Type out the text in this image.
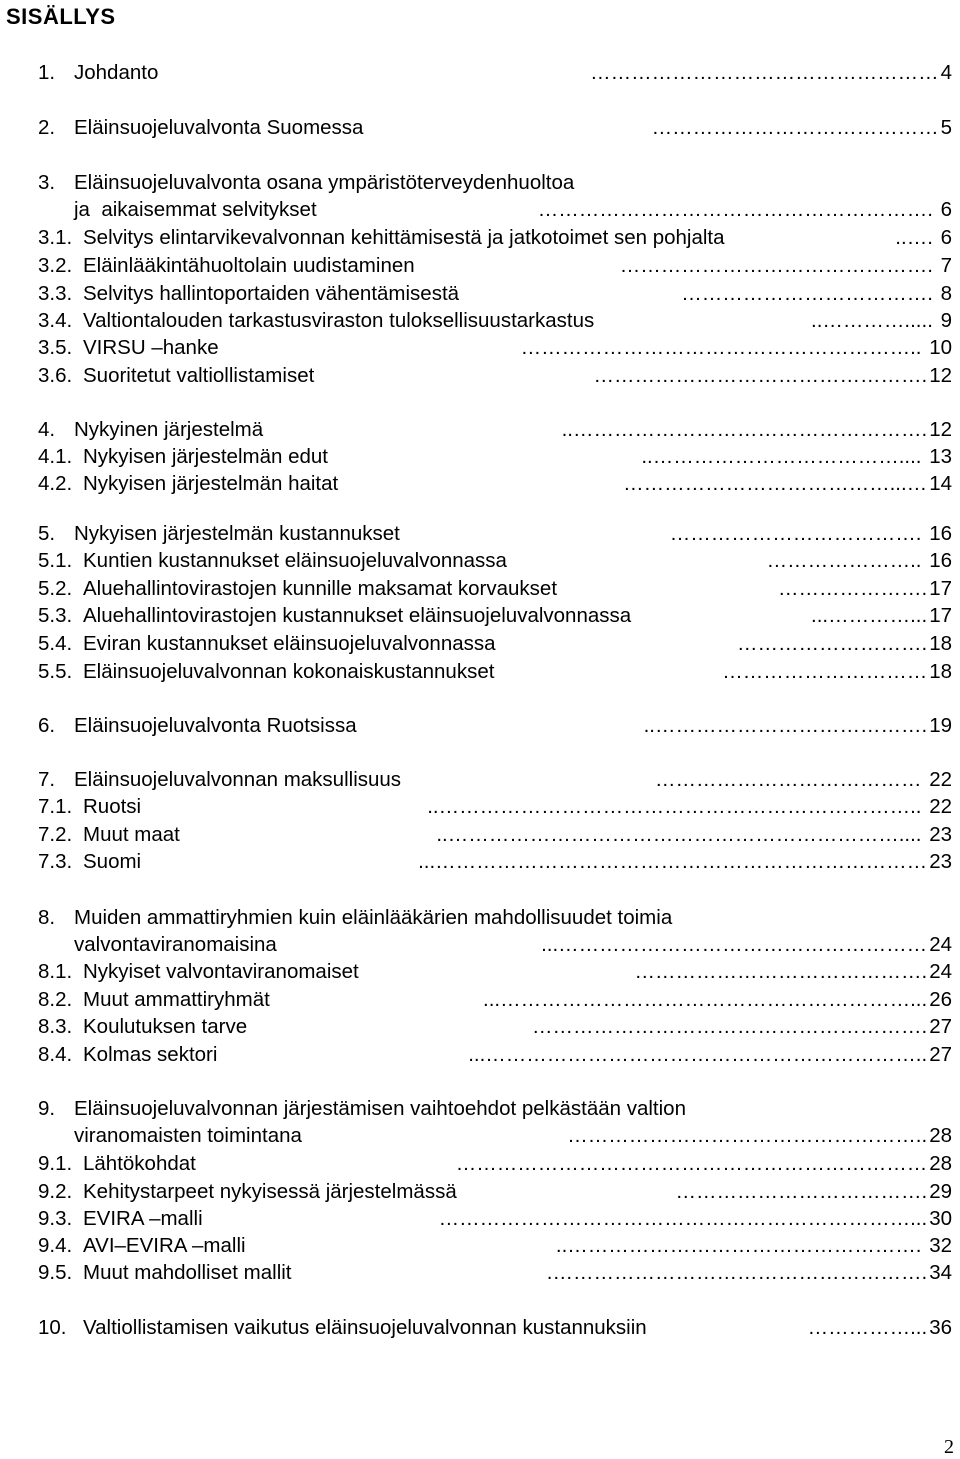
SISÄLLYS
1. Johdanto	4
……………………………………………
2. Eläinsuojeluvalvonta Suomessa	5
……………………………………
3. Eläinsuojeluvalvonta osana ympäristöterveydenhuoltoa
ja  aikaisemmat selvitykset	6
………………………………………………….
3.1. Selvitys elintarvikevalvonnan kehittämisestä ja jatkotoimet sen pohjalta	6
..….
3.2. Eläinlääkintähuoltolain uudistaminen	7
……………………………………….
3.3. Selvitys hallintoportaiden vähentämisestä	8
……………………………….
3.4. Valtiontalouden tarkastusviraston tuloksellisuustarkastus	9
..………….....
3.5. VIRSU –hanke	10
…………………………………………………..
3.6. Suoritetut valtiollistamiset	12
………………………………………….
4. Nykyinen järjestelmä	12
..…………………………………………….
4.1. Nykyisen järjestelmän edut	13
..………………………………....
4.2. Nykyisen järjestelmän haitat	14
…………………………………...…
5. Nykyisen järjestelmän kustannukset	16
……………………………….
5.1. Kuntien kustannukset eläinsuojeluvalvonnassa	16
…………………..
5.2. Aluehallintovirastojen kunnille maksamat korvaukset	17
………………….
5.3. Aluehallintovirastojen kustannukset eläinsuojeluvalvonnassa	17
...…………...
5.4. Eviran kustannukset eläinsuojeluvalvonnassa	18
……………………….
5.5. Eläinsuojeluvalvonnan kokonaiskustannukset	18
…………………………
6. Eläinsuojeluvalvonta Ruotsissa	19
..………………………………….
7. Eläinsuojeluvalvonnan maksullisuus	22
…………………………………
7.1. Ruotsi	22
..……………………………………………………………..
7.2. Muut maat	23
..…………………………………………………………....
7.3. Suomi	23
...………………………………………………………………
8. Muiden ammattiryhmien kuin eläinlääkärien mahdollisuudet toimia
valvontaviranomaisina	24
...………………………………………………
8.1. Nykyiset valvontaviranomaiset	24
…………………………………….
8.2. Muut ammattiryhmät	26
...……………………………………………………...
8.3. Koulutuksen tarve	27
………………………………………………….
8.4. Kolmas sektori	27
...………………………………………………………..
9. Eläinsuojeluvalvonnan järjestämisen vaihtoehdot pelkästään valtion
viranomaisten toimintana	28
……………………………………………..
9.1. Lähtökohdat	28
……………………………………………………………
9.2. Kehitystarpeet nykyisessä järjestelmässä	29
……………………………….
9.3. EVIRA –malli	30
……………………………………………………………...
9.4. AVI–EVIRA –malli	32
..…………………………………………….
9.5. Muut mahdolliset mallit	34
.……………………………………………….
10. Valtiollistamisen vaikutus eläinsuojeluvalvonnan kustannuksiin	36
……………...
2
